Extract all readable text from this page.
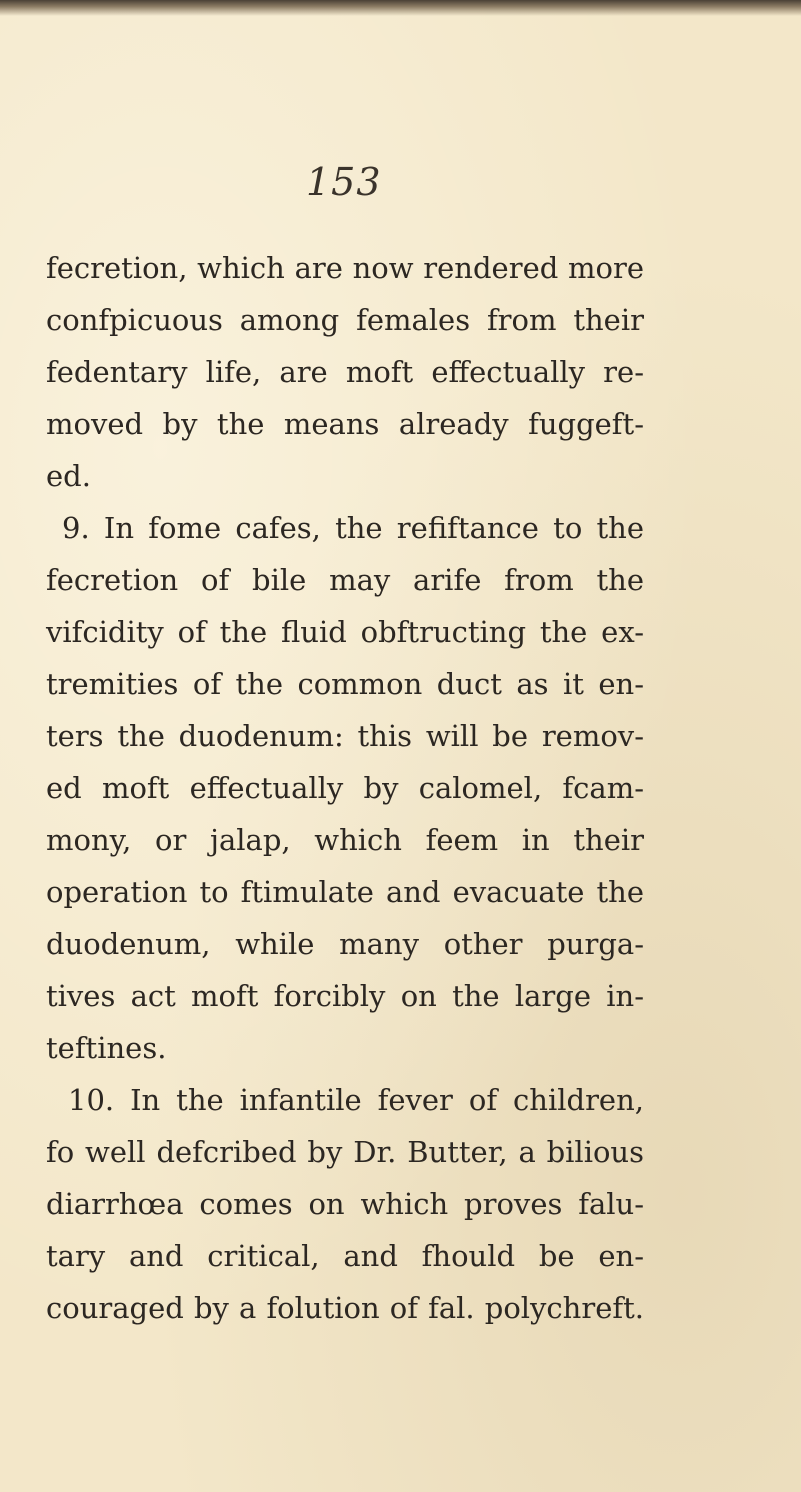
153
fecretion, which are now rendered more
confpicuous among females from their
fedentary life, are moft effectually re-
moved by the means already fuggeft-
ed.
9. In fome cafes, the refiftance to the
fecretion of bile may arife from the
vifcidity of the fluid obftructing the ex-
tremities of the common duct as it en-
ters the duodenum: this will be remov-
ed moft effectually by calomel, fcam-
mony, or jalap, which feem in their
operation to ftimulate and evacuate the
duodenum, while many other purga-
tives act moft forcibly on the large in-
teftines.
10. In the infantile fever of children,
fo well defcribed by Dr. Butter, a bilious
diarrhœa comes on which proves falu-
tary and critical, and fhould be en-
couraged by a folution of fal. polychreft.
